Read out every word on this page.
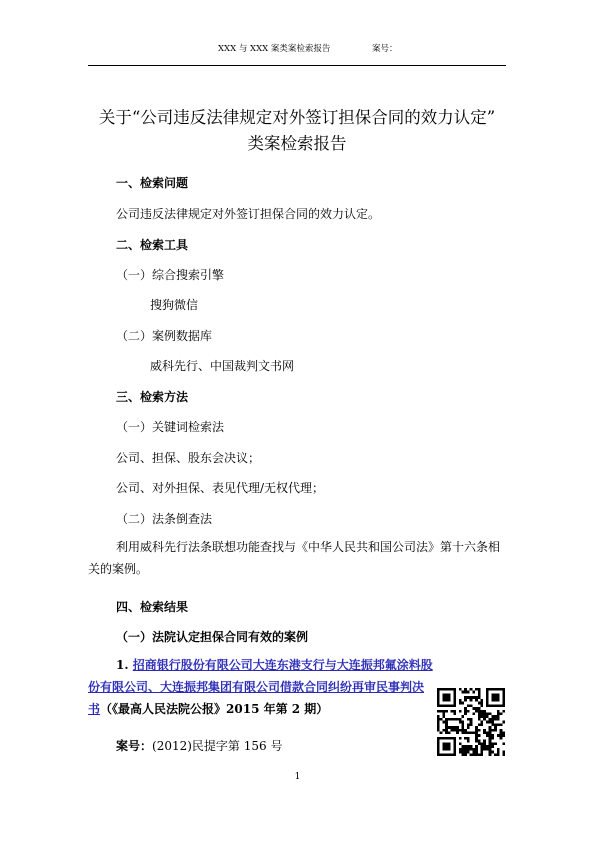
XXX 与 XXX 案类案检索报告	案号：
关于“公司违反法律规定对外签订担保合同的效力认定”
类案检索报告
一、检索问题
公司违反法律规定对外签订担保合同的效力认定。
二、检索工具
（一）综合搜索引擎
搜狗微信
（二）案例数据库
威科先行、中国裁判文书网
三、检索方法
（一）关键词检索法
公司、担保、股东会决议；
公司、对外担保、表见代理/无权代理；
（二）法条倒查法
利用威科先行法条联想功能查找与《中华人民共和国公司法》第十六条相关的案例。
四、检索结果
（一）法院认定担保合同有效的案例
1. 招商银行股份有限公司大连东港支行与大连振邦氟涂料股份有限公司、大连振邦集团有限公司借款合同纠纷再审民事判决书（《最高人民法院公报》2015 年第 2 期）
案号：(2012)民提字第 156 号
1
